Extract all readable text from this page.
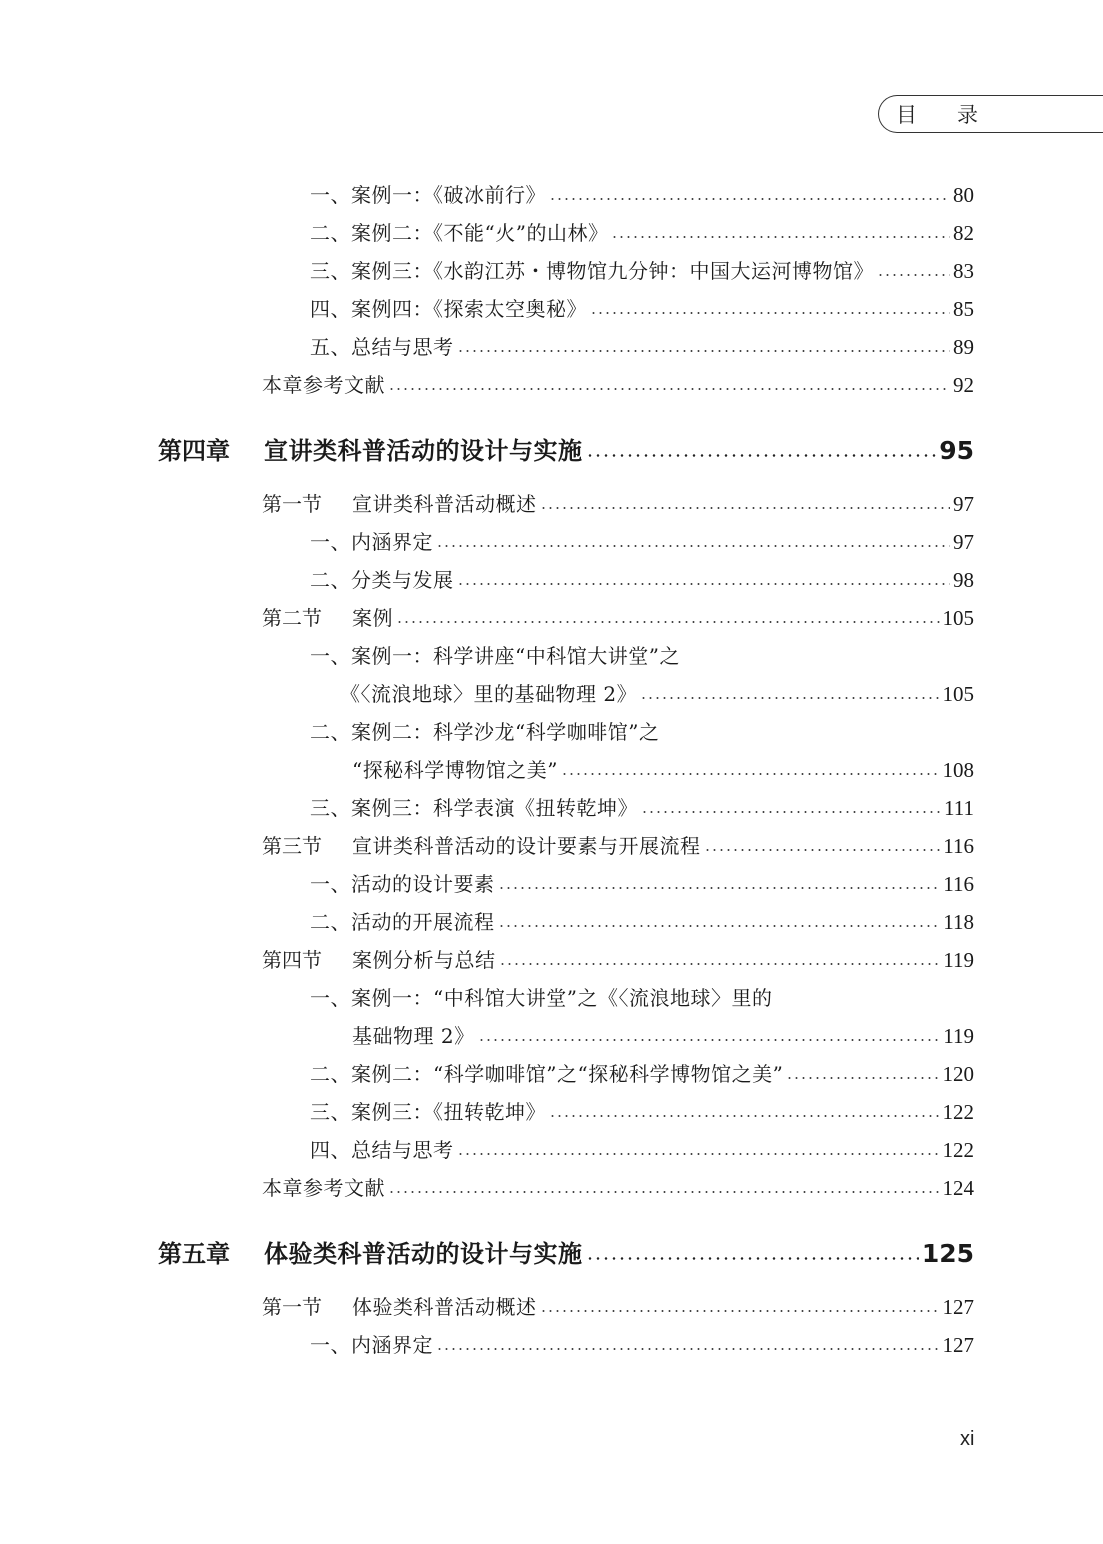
目录
一、案例一：《破冰前行》	80
二、案例二：《不能“火”的山林》	82
三、案例三：《水韵江苏・博物馆九分钟：中国大运河博物馆》	83
四、案例四：《探索太空奥秘》	85
五、总结与思考	89
本章参考文献	92
第四章	宣讲类科普活动的设计与实施	95
第一节	宣讲类科普活动概述	97
一、内涵界定	97
二、分类与发展	98
第二节	案例	105
一、案例一：科学讲座“中科馆大讲堂”之
《〈流浪地球〉里的基础物理 2》	105
二、案例二：科学沙龙“科学咖啡馆”之
“探秘科学博物馆之美”	108
三、案例三：科学表演《扭转乾坤》	111
第三节	宣讲类科普活动的设计要素与开展流程	116
一、活动的设计要素	116
二、活动的开展流程	118
第四节	案例分析与总结	119
一、案例一：“中科馆大讲堂”之《〈流浪地球〉里的
基础物理 2》	119
二、案例二：“科学咖啡馆”之“探秘科学博物馆之美”	120
三、案例三：《扭转乾坤》	122
四、总结与思考	122
本章参考文献	124
第五章	体验类科普活动的设计与实施	125
第一节	体验类科普活动概述	127
一、内涵界定	127
xi
